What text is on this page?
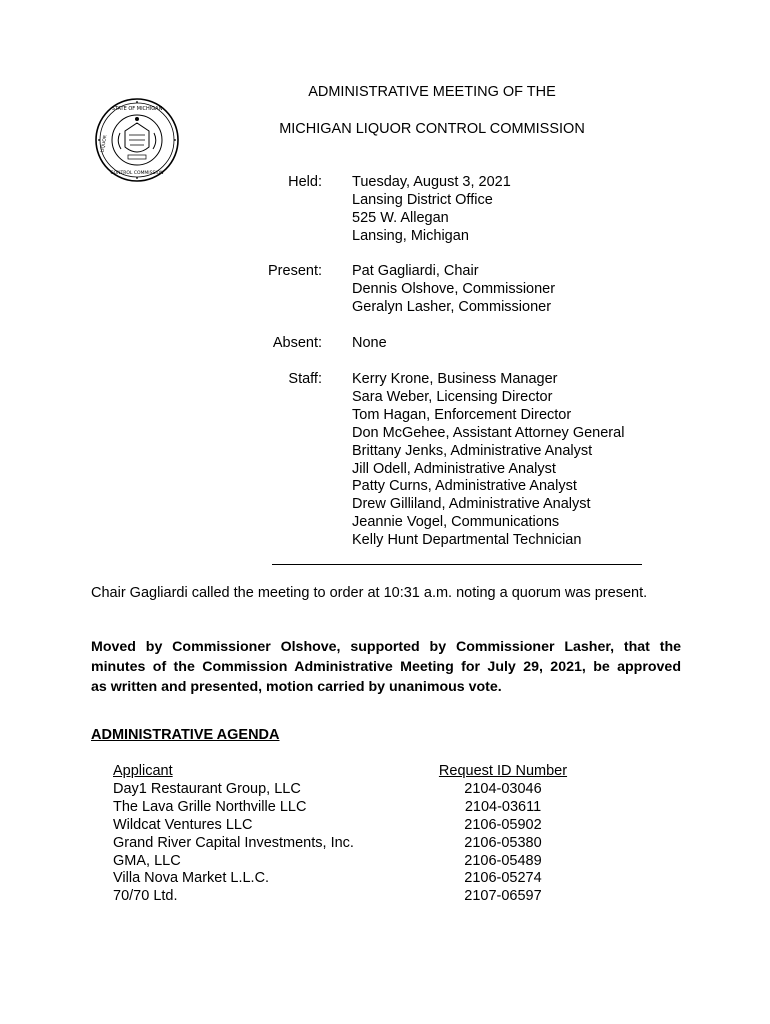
STATE OF MICHIGAN
CONTROL COMMISSION
LIQUOR
ADMINISTRATIVE MEETING OF THE
MICHIGAN LIQUOR CONTROL COMMISSION
Held: Tuesday, August 3, 2021
Lansing District Office
525 W. Allegan
Lansing, Michigan
Present: Pat Gagliardi, Chair
Dennis Olshove, Commissioner
Geralyn Lasher, Commissioner
Absent: None
Staff: Kerry Krone, Business Manager
Sara Weber, Licensing Director
Tom Hagan, Enforcement Director
Don McGehee, Assistant Attorney General
Brittany Jenks, Administrative Analyst
Jill Odell, Administrative Analyst
Patty Curns, Administrative Analyst
Drew Gilliland, Administrative Analyst
Jeannie Vogel, Communications
Kelly Hunt Departmental Technician
Chair Gagliardi called the meeting to order at 10:31 a.m. noting a quorum was present.
Moved by Commissioner Olshove, supported by Commissioner Lasher, that the
minutes of the Commission Administrative Meeting for July 29, 2021, be approved
as written and presented, motion carried by unanimous vote.
ADMINISTRATIVE AGENDA
Applicant
Day1 Restaurant Group, LLC
The Lava Grille Northville LLC
Wildcat Ventures LLC
Grand River Capital Investments, Inc.
GMA, LLC
Villa Nova Market L.L.C.
70/70 Ltd.
Request ID Number
2104-03046
2104-03611
2106-05902
2106-05380
2106-05489
2106-05274
2107-06597
